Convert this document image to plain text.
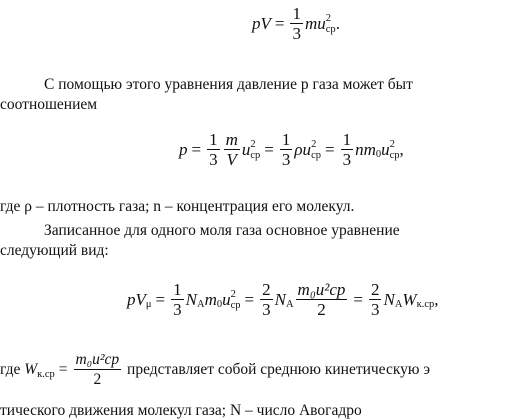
pV = $\frac{1}{3}$ mu 2
ср .
С помощью этого уравнения давление p газа может быт
соотношением
$p = \frac{1}{3} \frac{m}{V}$ u 2
ср = $\frac{1}{3}$ ρu 2
ср = $\frac{1}{3}$ nm 0 u 2
ср ,
где ρ – плотность газа; n – концентрация его молекул.
Записанное для одного моля газа основное уравнение
следующий вид:
pV $\mu = \frac{1}{3}$ N A m 0 u 2
ср = $\frac{2}{3}$ N A $\frac{\text{m₀u²ср}}{2} = \frac{2}{3}$ N A W к.ср ,
где
W $к.ср = \frac{\text{m₀u²ср}}{2}$
представляет собой среднюю кинетическую э
тического движения молекул газа; N – число Авогадро
